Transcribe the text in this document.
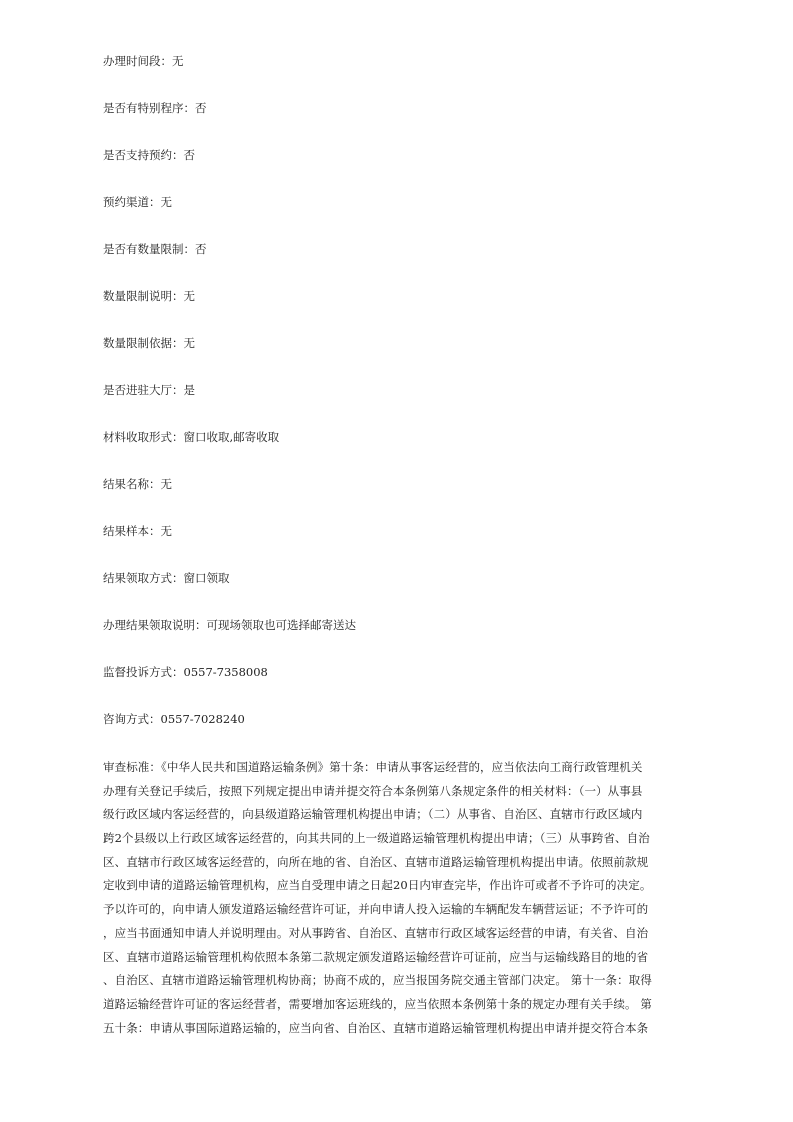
办理时间段：无
是否有特别程序：否
是否支持预约：否
预约渠道：无
是否有数量限制：否
数量限制说明：无
数量限制依据：无
是否进驻大厅：是
材料收取形式：窗口收取,邮寄收取
结果名称：无
结果样本：无
结果领取方式：窗口领取
办理结果领取说明：可现场领取也可选择邮寄送达
监督投诉方式：0557-7358008
咨询方式：0557-7028240
审查标准：《中华人民共和国道路运输条例》第十条：申请从事客运经营的，应当依法向工商行政管理机关
办理有关登记手续后，按照下列规定提出申请并提交符合本条例第八条规定条件的相关材料：（一）从事县
级行政区域内客运经营的，向县级道路运输管理机构提出申请；（二）从事省、自治区、直辖市行政区域内
跨2个县级以上行政区域客运经营的，向其共同的上一级道路运输管理机构提出申请；（三）从事跨省、自治
区、直辖市行政区域客运经营的，向所在地的省、自治区、直辖市道路运输管理机构提出申请。依照前款规
定收到申请的道路运输管理机构，应当自受理申请之日起20日内审查完毕，作出许可或者不予许可的决定。
予以许可的，向申请人颁发道路运输经营许可证，并向申请人投入运输的车辆配发车辆营运证；不予许可的
，应当书面通知申请人并说明理由。对从事跨省、自治区、直辖市行政区域客运经营的申请，有关省、自治
区、直辖市道路运输管理机构依照本条第二款规定颁发道路运输经营许可证前，应当与运输线路目的地的省
、自治区、直辖市道路运输管理机构协商；协商不成的，应当报国务院交通主管部门决定。 第十一条：取得
道路运输经营许可证的客运经营者，需要增加客运班线的，应当依照本条例第十条的规定办理有关手续。 第
五十条：申请从事国际道路运输的，应当向省、自治区、直辖市道路运输管理机构提出申请并提交符合本条
